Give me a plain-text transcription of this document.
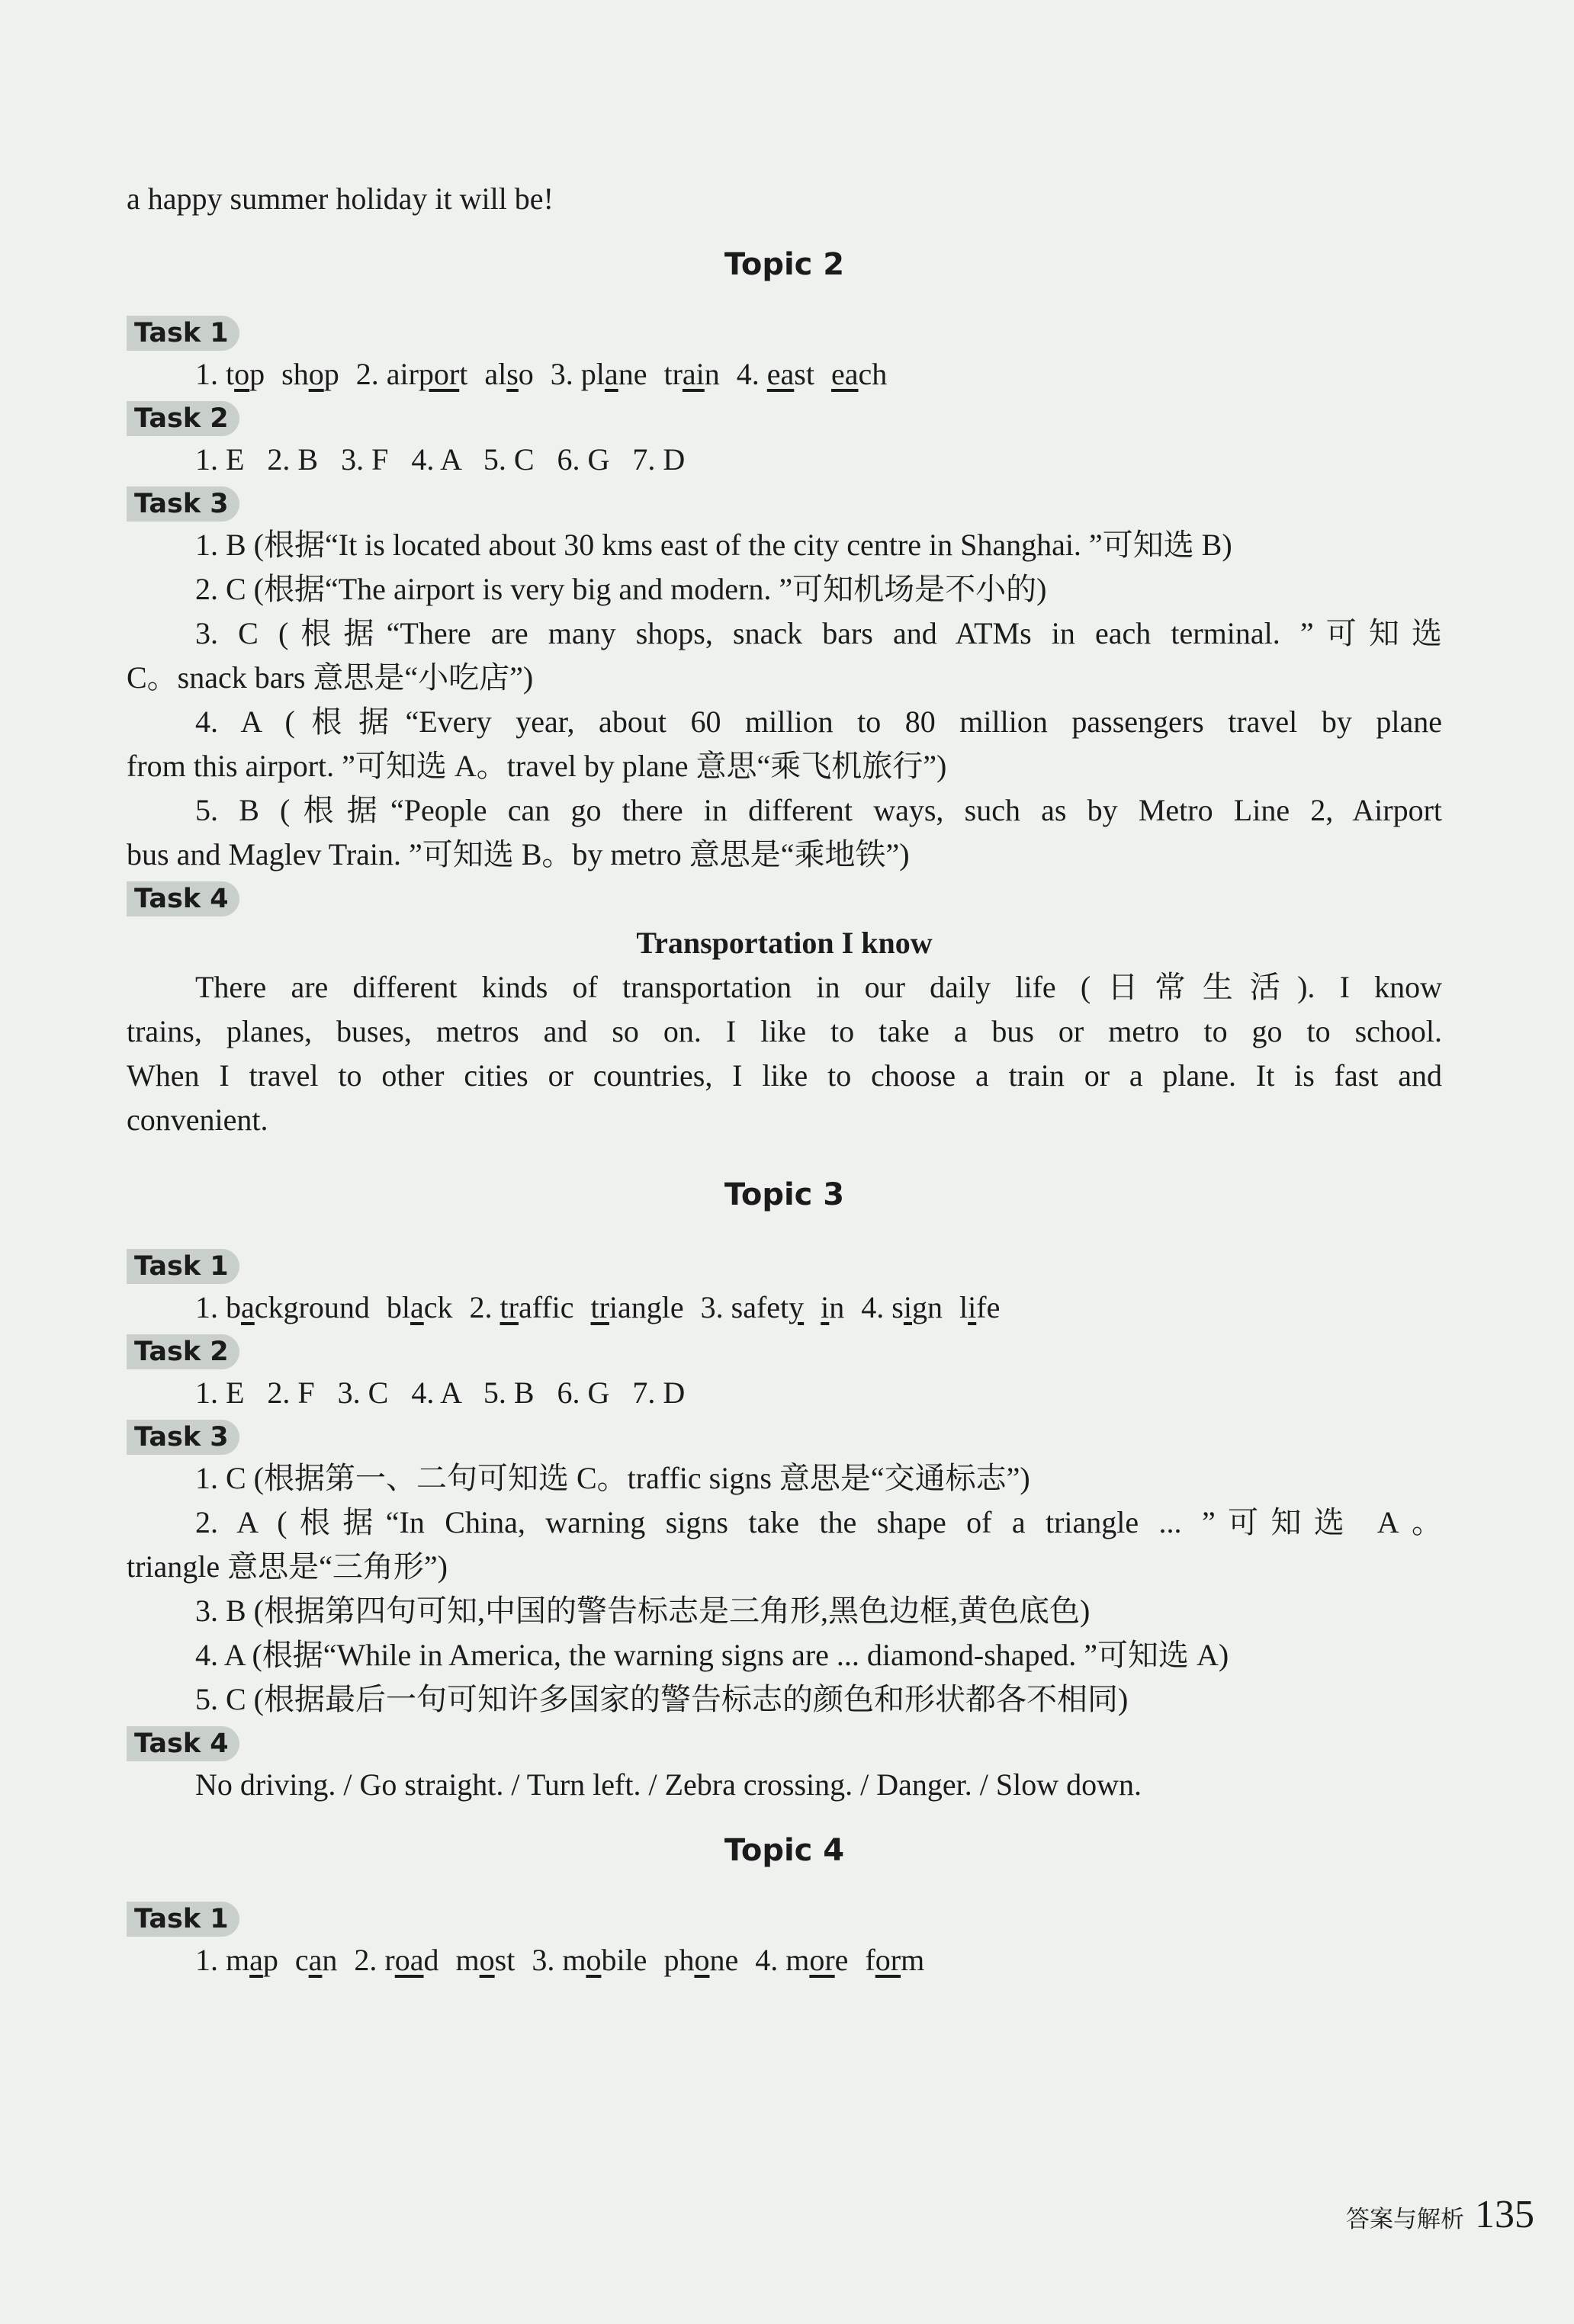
a happy summer holiday it will be!
Topic 2
Task 1
1. top shop 2. airport also 3. plane train 4. east each
Task 2
1. E   2. B   3. F   4. A   5. C   6. G   7. D
Task 3
1. B (根据“It is located about 30 kms east of the city centre in Shanghai. ”可知选 B)
2. C (根据“The airport is very big and modern. ”可知机场是不小的)
3. C (根据“There are many shops, snack bars and ATMs in each terminal. ”可知选
C。snack bars 意思是“小吃店”)
4. A (根据“Every year, about 60 million to 80 million passengers travel by plane
from this airport. ”可知选 A。travel by plane 意思“乘飞机旅行”)
5. B (根据“People can go there in different ways, such as by Metro Line 2, Airport
bus and Maglev Train. ”可知选 B。by metro 意思是“乘地铁”)
Task 4
Transportation I know
There are different kinds of transportation in our daily life (日常生活). I know
trains, planes, buses, metros and so on. I like to take a bus or metro to go to school.
When I travel to other cities or countries, I like to choose a train or a plane. It is fast and
convenient.
Topic 3
Task 1
1. background black 2. traffic triangle 3. safety in 4. sign life
Task 2
1. E   2. F   3. C   4. A   5. B   6. G   7. D
Task 3
1. C (根据第一、二句可知选 C。traffic signs 意思是“交通标志”)
2. A (根据“In China, warning signs take the shape of a triangle ... ”可知选 A。
triangle 意思是“三角形”)
3. B (根据第四句可知,中国的警告标志是三角形,黑色边框,黄色底色)
4. A (根据“While in America, the warning signs are ... diamond-shaped. ”可知选 A)
5. C (根据最后一句可知许多国家的警告标志的颜色和形状都各不相同)
Task 4
No driving. / Go straight. / Turn left. / Zebra crossing. / Danger. / Slow down.
Topic 4
Task 1
1. map can 2. road most 3. mobile phone 4. more form
答案与解析 135
